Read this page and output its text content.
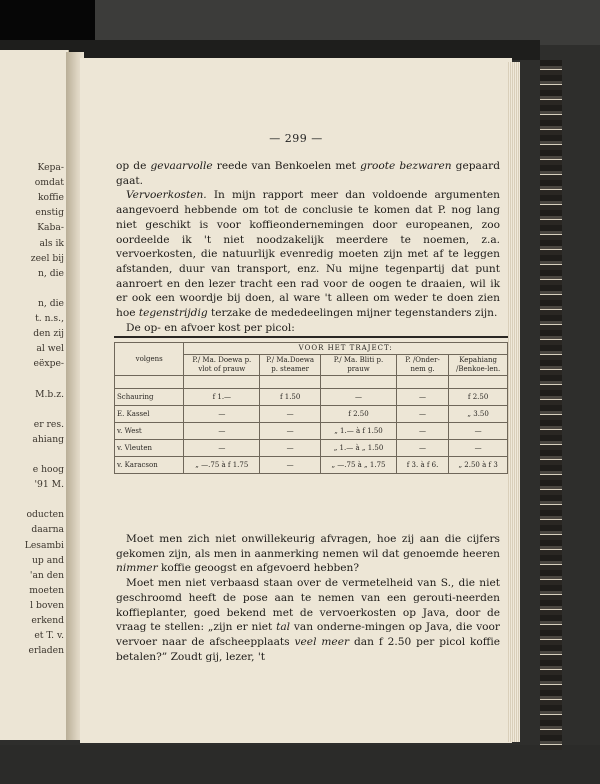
Kepa-
omdat
koffie
enstig
Kaba-
als ik
zeel bij
n, die
n, die
t. n.s.,
den zij
al wel
eëxpe-
M.b.z.
er res.
ahiang
e hoog
'91 M.
oducten
daarna
Lesambi
up and
'an den
moeten
l boven
erkend
et T. v.
erladen
— 299 —

op de gevaarvolle reede van Benkoelen met groote bezwaren gepaard gaat.

Vervoerkosten. In mijn rapport meer dan voldoende argumenten aangevoerd hebbende om tot de conclusie te komen dat P. nog lang niet geschikt is voor koffieondernemingen door europeanen, zoo oordeelde ik 't niet noodzakelijk meerdere te noemen, z.a. vervoerkosten, die natuurlijk evenredig moeten zijn met af te leggen afstanden, duur van transport, enz. Nu mijne tegenpartij dat punt aanroert en den lezer tracht een rad voor de oogen te draaien, wil ik er ook een woordje bij doen, al ware 't alleen om weder te doen zien hoe tegenstrijdig terzake de mededeelingen mijner tegenstanders zijn.

De op- en afvoer kost per picol:

volgens	VOOR HET TRAJECT:				
	P./ Ma. Doewa p. vlot of prauw	P./ Ma.Doewa p. steamer	P./ Ma. Bliti p. prauw	P. /Onder-nem g.	Kepahiang /Benkoe-len.

Schauring	f 1.—	f 1.50	—	—	f 2.50
E. Kassel	—	—	f 2.50	—	„ 3.50
v. West	—	—	„ 1.— à f 1.50	—	—
v. Vleuten	—	—	„ 1.— à „ 1.50	—	—
v. Karacson	„ —.75 à f 1.75	—	„ —.75 à „ 1.75	f 3. à f 6.	„ 2.50 à f 3

Moet men zich niet onwillekeurig afvragen, hoe zij aan die cijfers gekomen zijn, als men in aanmerking nemen wil dat genoemde heeren nimmer koffie geoogst en afgevoerd hebben?

Moet men niet verbaasd staan over de vermetelheid van S., die niet geschroomd heeft de pose aan te nemen van een gerouti-neerden koffieplanter, goed bekend met de vervoerkosten op Java, door de vraag te stellen: „zijn er niet tal van onderne-mingen op Java, die voor vervoer naar de afscheepplaats veel meer dan f 2.50 per picol koffie betalen?” Zoudt gij, lezer, 't
